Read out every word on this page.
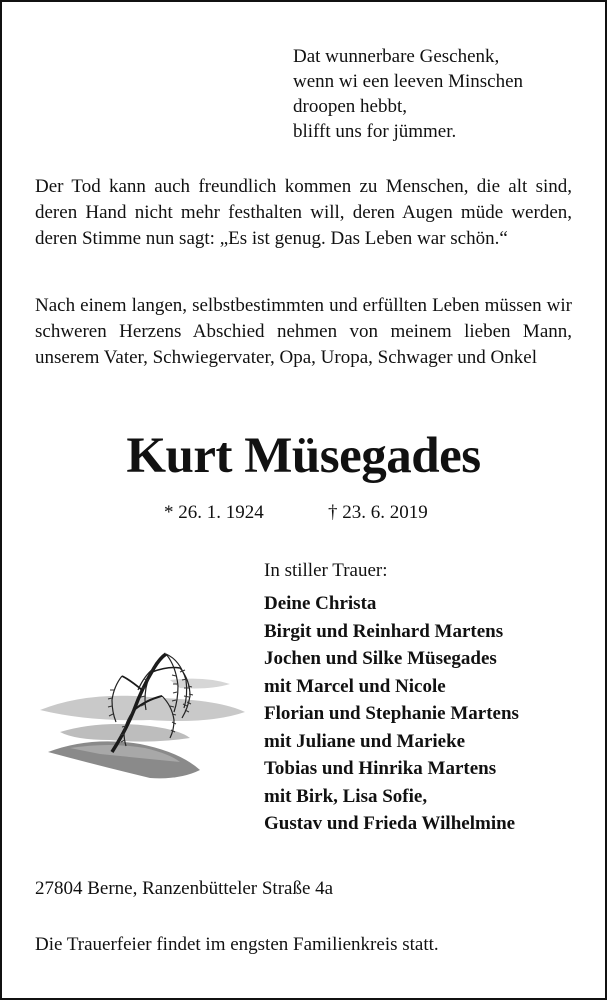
Dat wunnerbare Geschenk,
wenn wi een leeven Minschen
droopen hebbt,
blifft uns for jümmer.
Der Tod kann auch freundlich kommen zu Menschen, die alt sind, deren Hand nicht mehr festhalten will, deren Augen müde werden, deren Stimme nun sagt: „Es ist genug. Das Leben war schön.“
Nach einem langen, selbstbestimmten und erfüllten Leben müssen wir schweren Herzens Abschied nehmen von meinem lieben Mann, unserem Vater, Schwiegervater, Opa, Uropa, Schwager und Onkel
Kurt Müsegades
* 26. 1. 1924	† 23. 6. 2019
In stiller Trauer:
Deine Christa
Birgit und Reinhard Martens
Jochen und Silke Müsegades
mit Marcel und Nicole
Florian und Stephanie Martens
mit Juliane und Marieke
Tobias und Hinrika Martens
mit Birk, Lisa Sofie,
Gustav und Frieda Wilhelmine
27804 Berne, Ranzenbütteler Straße 4a
Die Trauerfeier findet im engsten Familienkreis statt.
